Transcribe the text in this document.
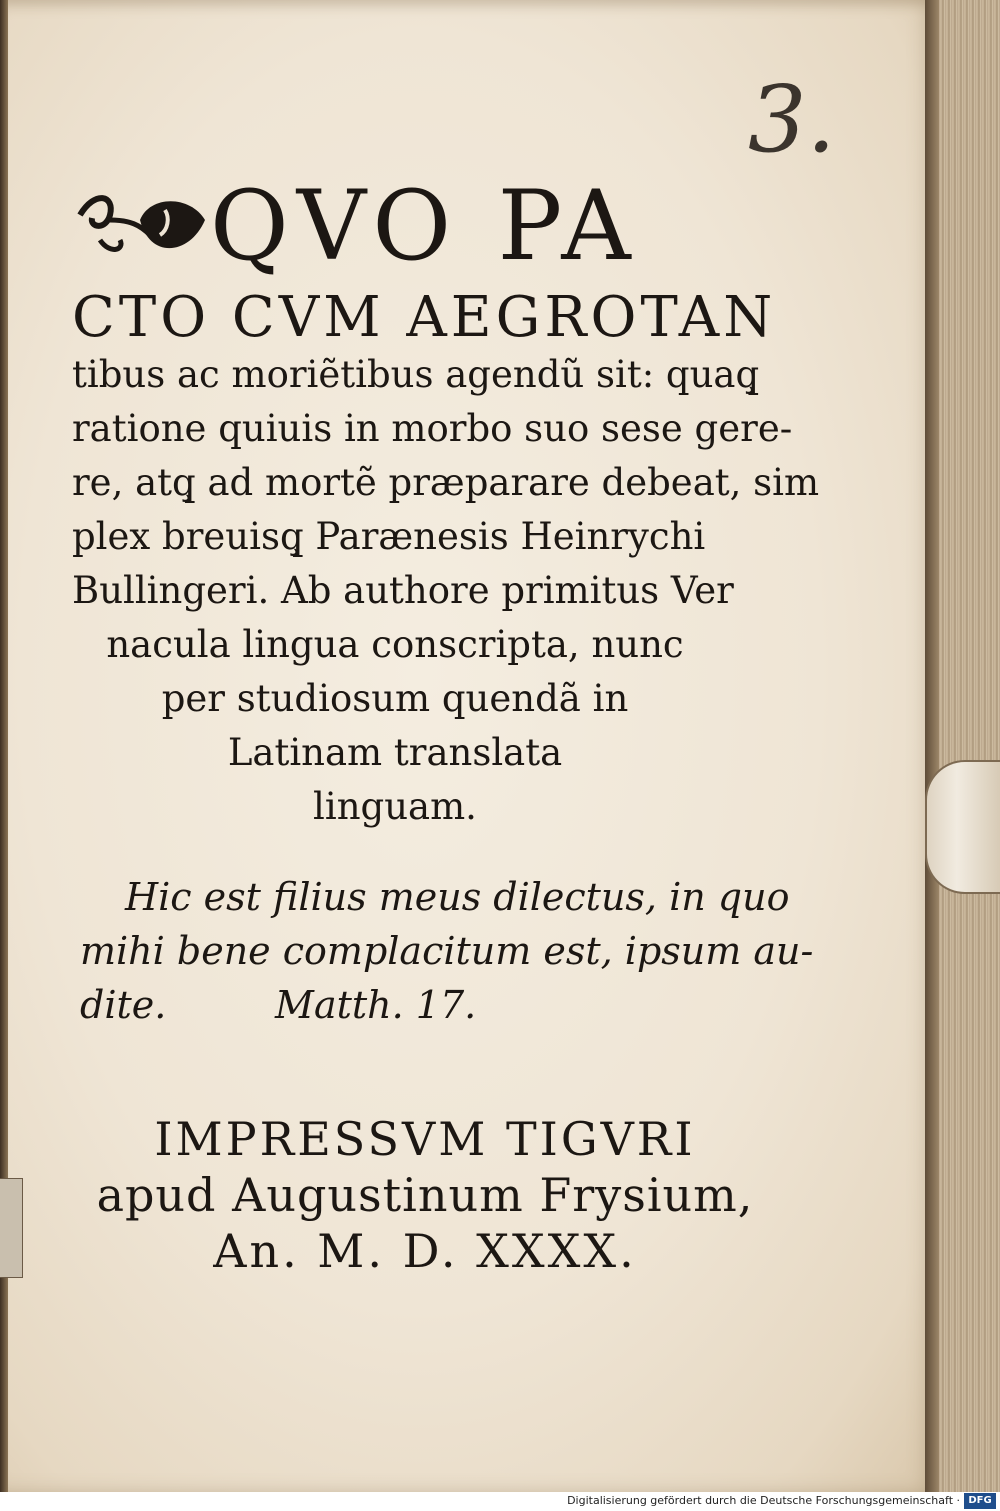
3.
QVO PA
CTO CVM AEGROTAN
tibus ac moriẽtibus agendũ sit: quaq̧
ratione quiuis in morbo suo sese gere-
re, atq̧ ad mortẽ præparare debeat, sim
plex breuisq̧ Parænesis Heinrychi
Bullingeri. Ab authore primitus Ver
nacula lingua conscripta, nunc
per studiosum quendã in
Latinam translata
linguam.
Hic est filius meus dilectus, in quo
mihi bene complacitum est, ipsum au-
dite.         Matth. 17.
IMPRESSVM TIGVRI
apud Augustinum Frysium,
An. M. D. XXXX.
Digitalisierung gefördert durch die Deutsche Forschungsgemeinschaft · DFG
